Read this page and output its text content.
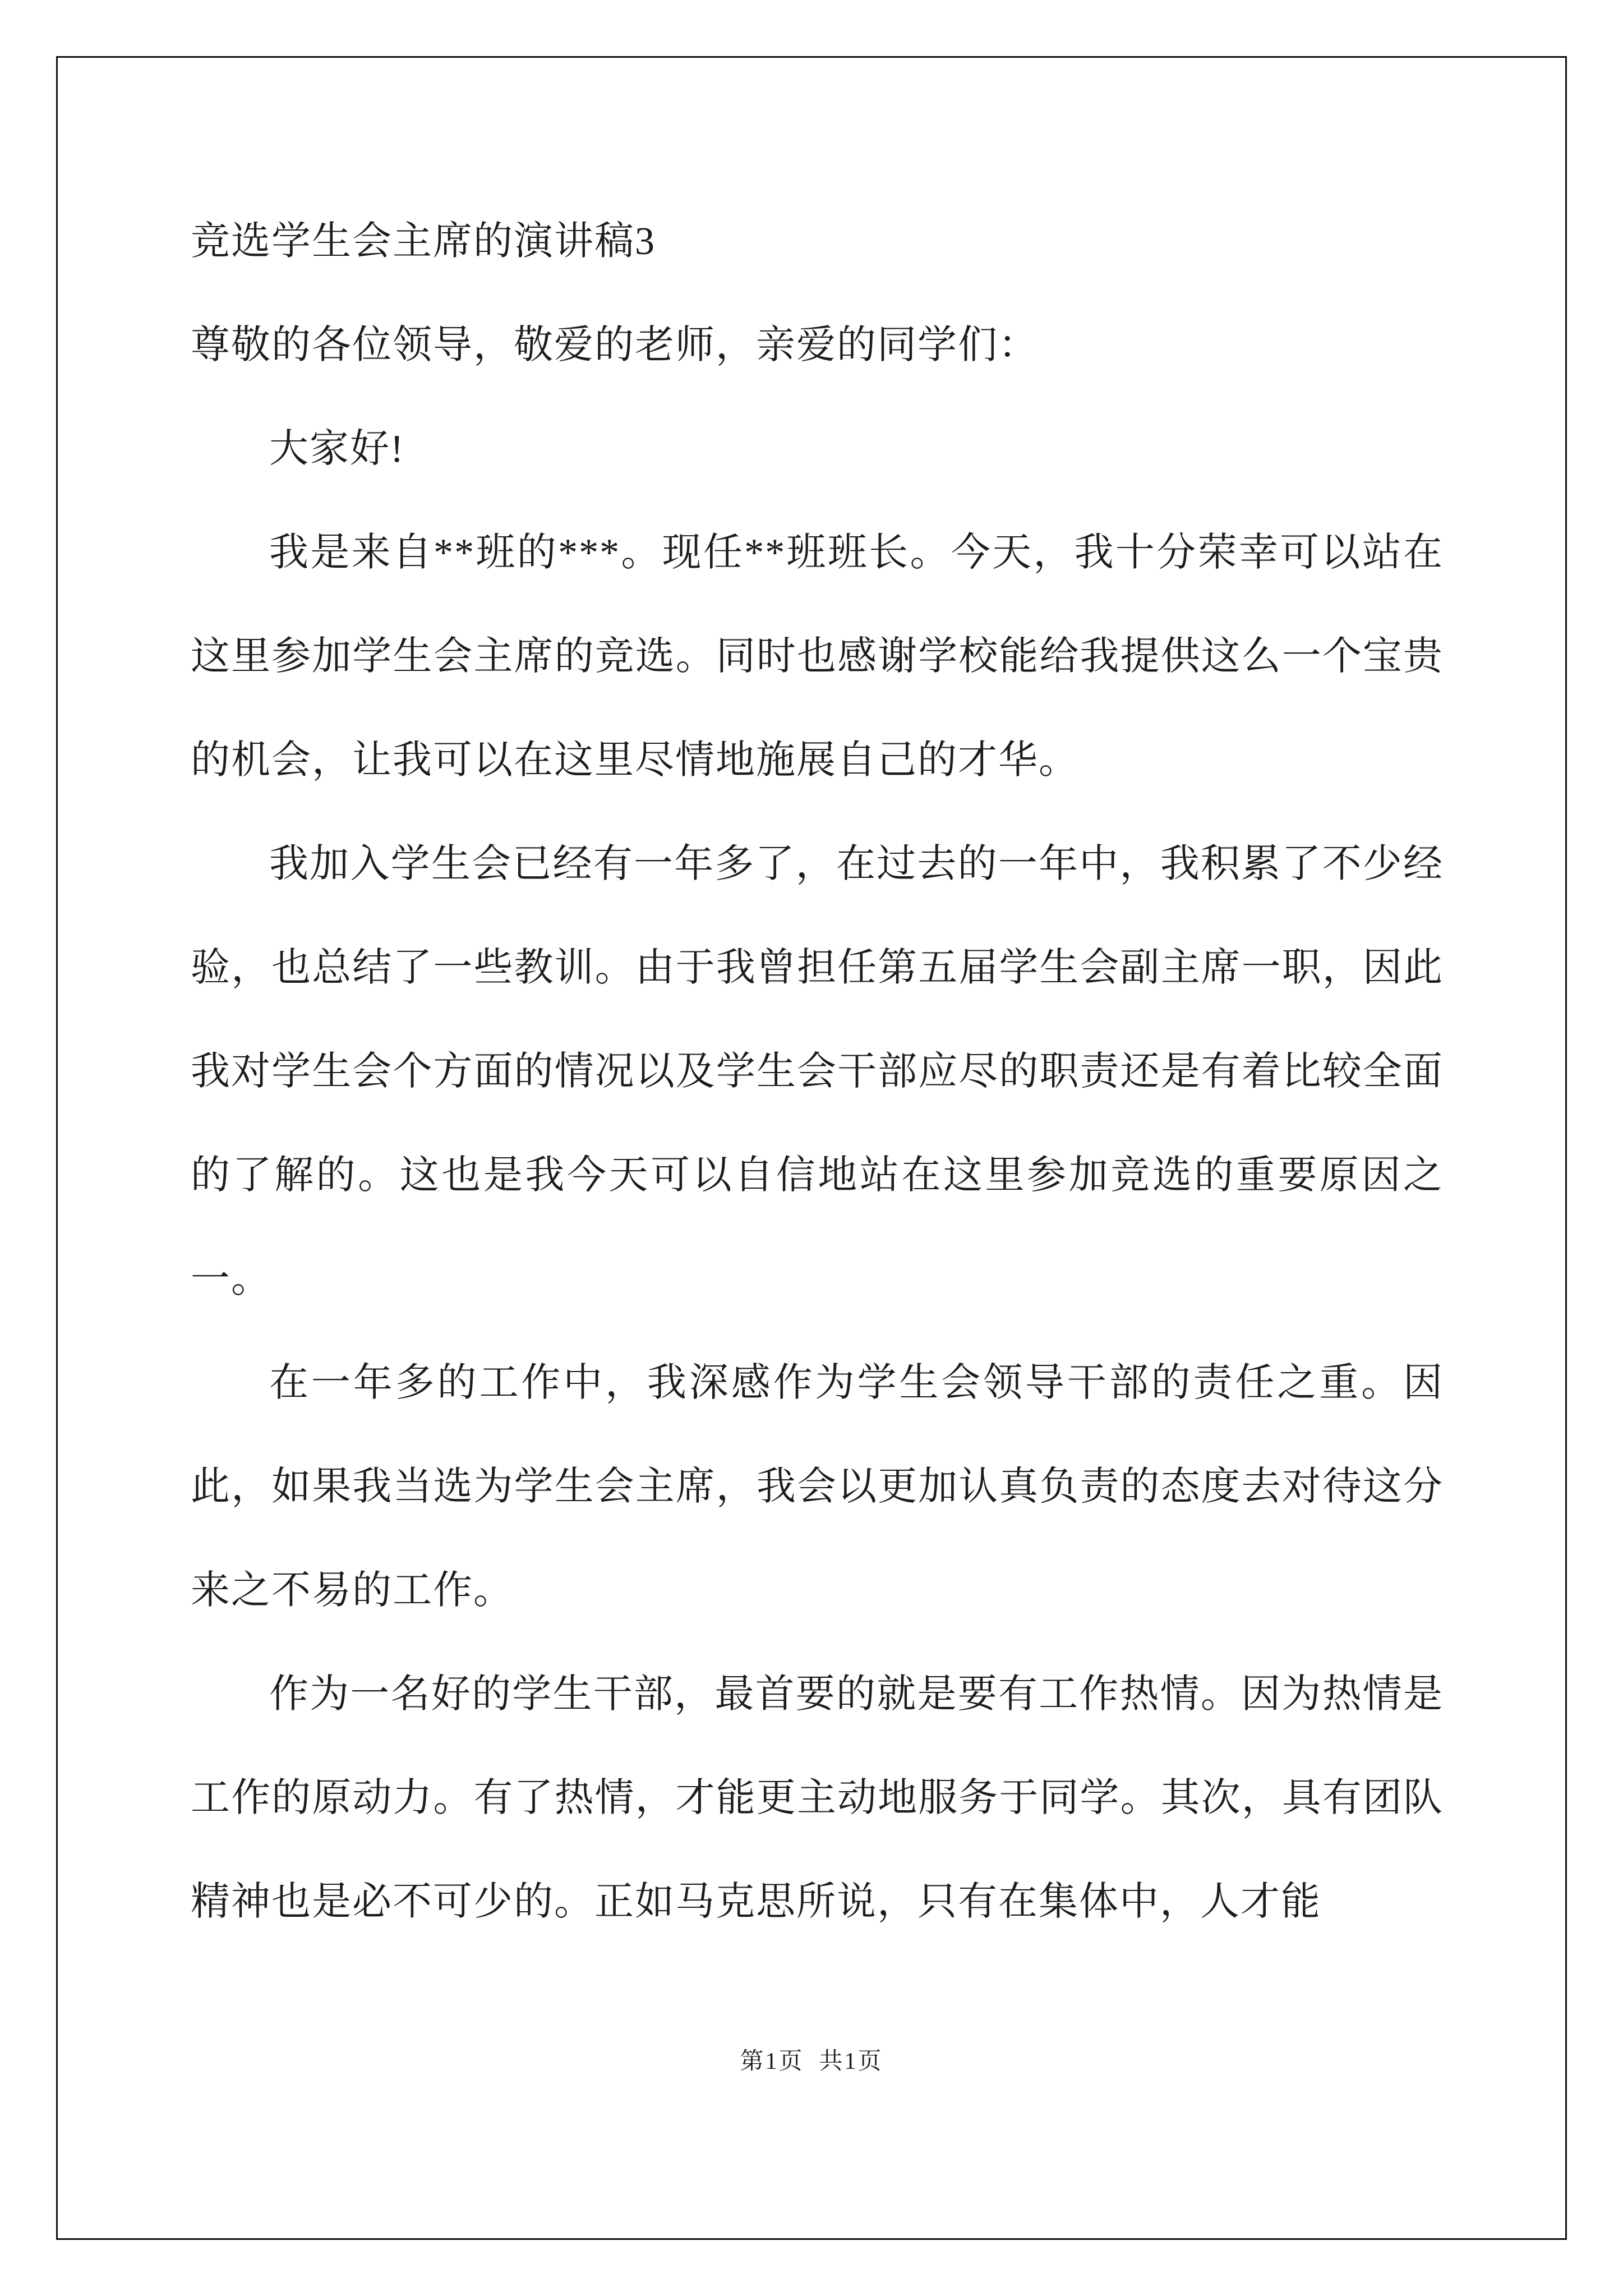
竞选学生会主席的演讲稿3

尊敬的各位领导，敬爱的老师，亲爱的同学们：

大家好!

我是来自**班的***。现任**班班长。今天，我十分荣幸可以站在这里参加学生会主席的竞选。同时也感谢学校能给我提供这么一个宝贵的机会，让我可以在这里尽情地施展自己的才华。

我加入学生会已经有一年多了，在过去的一年中，我积累了不少经验，也总结了一些教训。由于我曾担任第五届学生会副主席一职，因此我对学生会个方面的情况以及学生会干部应尽的职责还是有着比较全面的了解的。这也是我今天可以自信地站在这里参加竞选的重要原因之一。

在一年多的工作中，我深感作为学生会领导干部的责任之重。因此，如果我当选为学生会主席，我会以更加认真负责的态度去对待这分来之不易的工作。

作为一名好的学生干部，最首要的就是要有工作热情。因为热情是工作的原动力。有了热情，才能更主动地服务于同学。其次，具有团队精神也是必不可少的。正如马克思所说，只有在集体中，人才能

第1页  共1页
